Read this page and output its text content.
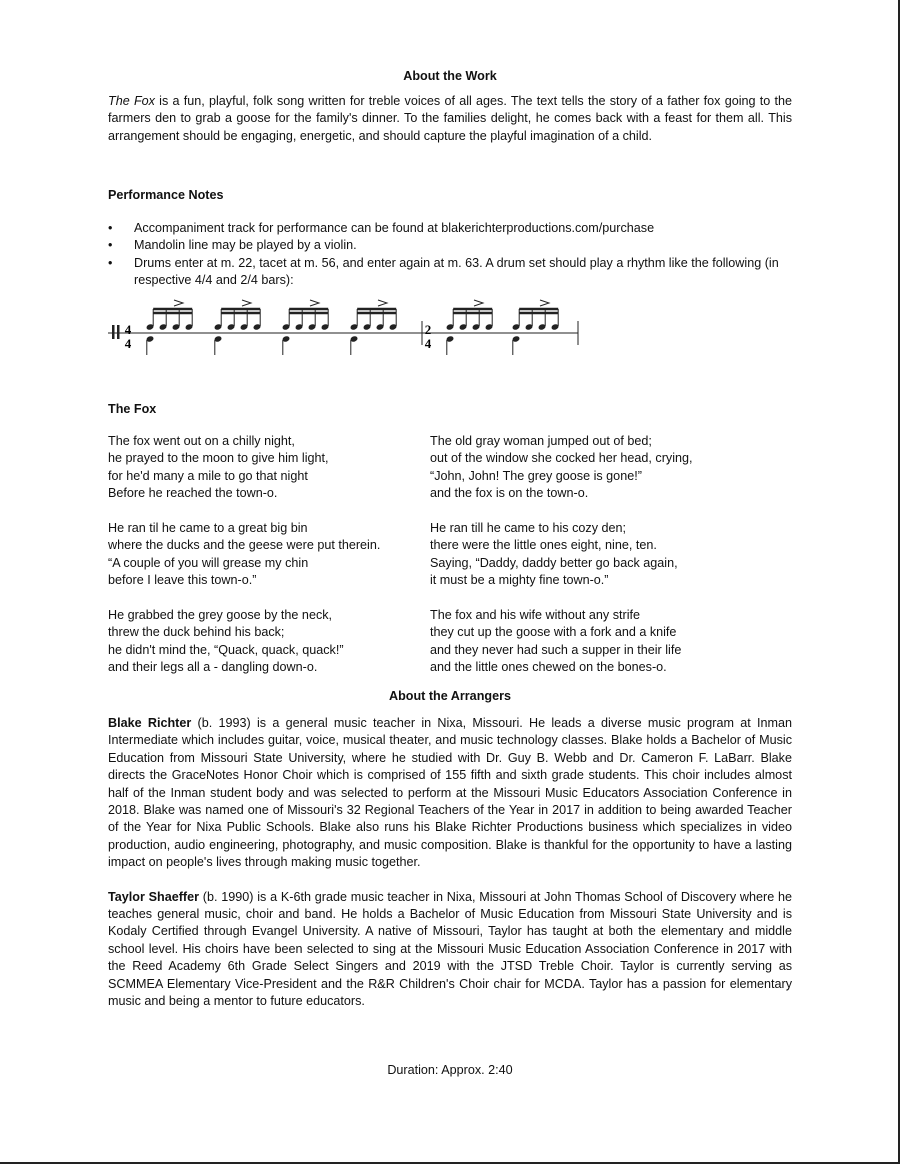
About the Work

The Fox is a fun, playful, folk song written for treble voices of all ages. The text tells the story of a father fox going to the farmers den to grab a goose for the family's dinner. To the families delight, he comes back with a feast for them all. This arrangement should be engaging, energetic, and should capture the playful imagination of a child.

Performance Notes
• Accompaniment track for performance can be found at blakerichterproductions.com/purchase
• Mandolin line may be played by a violin.
• Drums enter at m. 22, tacet at m. 56, and enter again at m. 63. A drum set should play a rhythm like the following (in respective 4/4 and 2/4 bars):
4
4
2
4
The Fox
The fox went out on a chilly night,
he prayed to the moon to give him light,
for he'd many a mile to go that night
Before he reached the town-o.
He ran til he came to a great big bin
where the ducks and the geese were put therein.
“A couple of you will grease my chin
before I leave this town-o.”
He grabbed the grey goose by the neck,
threw the duck behind his back;
he didn't mind the, “Quack, quack, quack!”
and their legs all a - dangling down-o.
The old gray woman jumped out of bed;
out of the window she cocked her head, crying,
“John, John! The grey goose is gone!”
and the fox is on the town-o.
He ran till he came to his cozy den;
there were the little ones eight, nine, ten.
Saying, “Daddy, daddy better go back again,
it must be a mighty fine town-o.”
The fox and his wife without any strife
they cut up the goose with a fork and a knife
and they never had such a supper in their life
and the little ones chewed on the bones-o.
About the Arrangers

Blake Richter (b. 1993) is a general music teacher in Nixa, Missouri. He leads a diverse music program at Inman Intermediate which includes guitar, voice, musical theater, and music technology classes. Blake holds a Bachelor of Music Education from Missouri State University, where he studied with Dr. Guy B. Webb and Dr. Cameron F. LaBarr. Blake directs the GraceNotes Honor Choir which is comprised of 155 fifth and sixth grade students. This choir includes almost half of the Inman student body and was selected to perform at the Missouri Music Educators Association Conference in 2018. Blake was named one of Missouri's 32 Regional Teachers of the Year in 2017 in addition to being awarded Teacher of the Year for Nixa Public Schools. Blake also runs his Blake Richter Productions business which specializes in video production, audio engineering, photography, and music composition. Blake is thankful for the opportunity to have a lasting impact on people's lives through making music together.

Taylor Shaeffer (b. 1990) is a K-6th grade music teacher in Nixa, Missouri at John Thomas School of Discovery where he teaches general music, choir and band. He holds a Bachelor of Music Education from Missouri State University and is Kodaly Certified through Evangel University. A native of Missouri, Taylor has taught at both the elementary and middle school level. His choirs have been selected to sing at the Missouri Music Education Association Conference in 2017 with the Reed Academy 6th Grade Select Singers and 2019 with the JTSD Treble Choir. Taylor is currently serving as SCMMEA Elementary Vice-President and the R&R Children's Choir chair for MCDA. Taylor has a passion for elementary music and being a mentor to future educators.

Duration: Approx. 2:40
